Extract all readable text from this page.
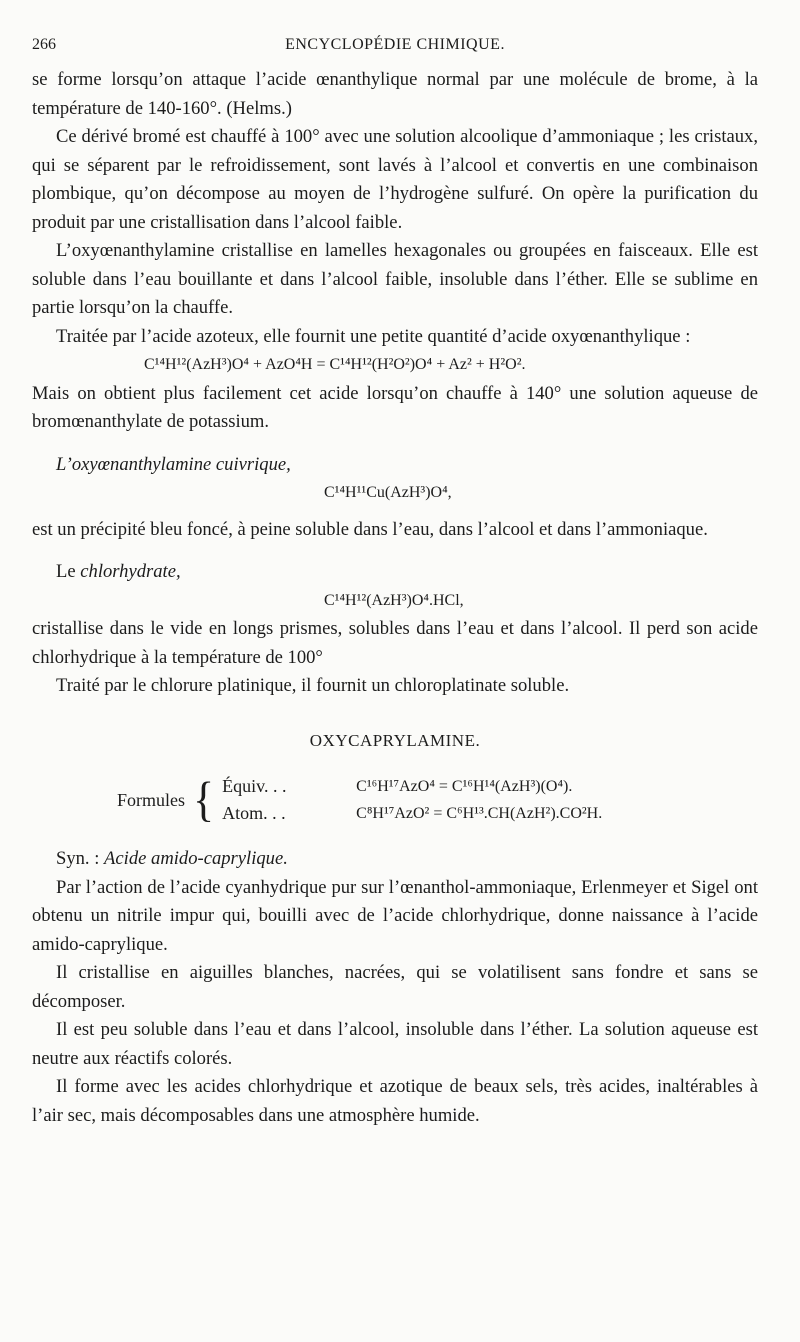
266	ENCYCLOPÉDIE CHIMIQUE.

se forme lorsqu’on attaque l’acide œnanthylique normal par une molécule de brome, à la température de 140-160°. (Helms.)

Ce dérivé bromé est chauffé à 100° avec une solution alcoolique d’ammoniaque ; les cristaux, qui se séparent par le refroidissement, sont lavés à l’alcool et convertis en une combinaison plombique, qu’on décompose au moyen de l’hydrogène sulfuré. On opère la purification du produit par une cristallisation dans l’alcool faible.

L’oxyœnanthylamine cristallise en lamelles hexagonales ou groupées en faisceaux. Elle est soluble dans l’eau bouillante et dans l’alcool faible, insoluble dans l’éther. Elle se sublime en partie lorsqu’on la chauffe.

Traitée par l’acide azoteux, elle fournit une petite quantité d’acide oxyœnanthylique :

C¹⁴H¹²(AzH³)O⁴ + AzO⁴H = C¹⁴H¹²(H²O²)O⁴ + Az² + H²O².

Mais on obtient plus facilement cet acide lorsqu’on chauffe à 140° une solution aqueuse de bromœnanthylate de potassium.

L’oxyœnanthylamine cuivrique,
C¹⁴H¹¹Cu(AzH³)O⁴,

est un précipité bleu foncé, à peine soluble dans l’eau, dans l’alcool et dans l’ammoniaque.

Le chlorhydrate,
C¹⁴H¹²(AzH³)O⁴.HCl,

cristallise dans le vide en longs prismes, solubles dans l’eau et dans l’alcool. Il perd son acide chlorhydrique à la température de 100°

Traité par le chlorure platinique, il fournit un chloroplatinate soluble.

OXYCAPRYLAMINE.
Formules { Équiv. . .	C¹⁶H¹⁷AzO⁴ = C¹⁶H¹⁴(AzH³)(O⁴).
Atom. . .	C⁸H¹⁷AzO² = C⁶H¹³.CH(AzH²).CO²H.

Syn. : Acide amido-caprylique.

Par l’action de l’acide cyanhydrique pur sur l’œnanthol-ammoniaque, Erlenmeyer et Sigel ont obtenu un nitrile impur qui, bouilli avec de l’acide chlorhydrique, donne naissance à l’acide amido-caprylique.

Il cristallise en aiguilles blanches, nacrées, qui se volatilisent sans fondre et sans se décomposer.

Il est peu soluble dans l’eau et dans l’alcool, insoluble dans l’éther. La solution aqueuse est neutre aux réactifs colorés.

Il forme avec les acides chlorhydrique et azotique de beaux sels, très acides, inaltérables à l’air sec, mais décomposables dans une atmosphère humide.
